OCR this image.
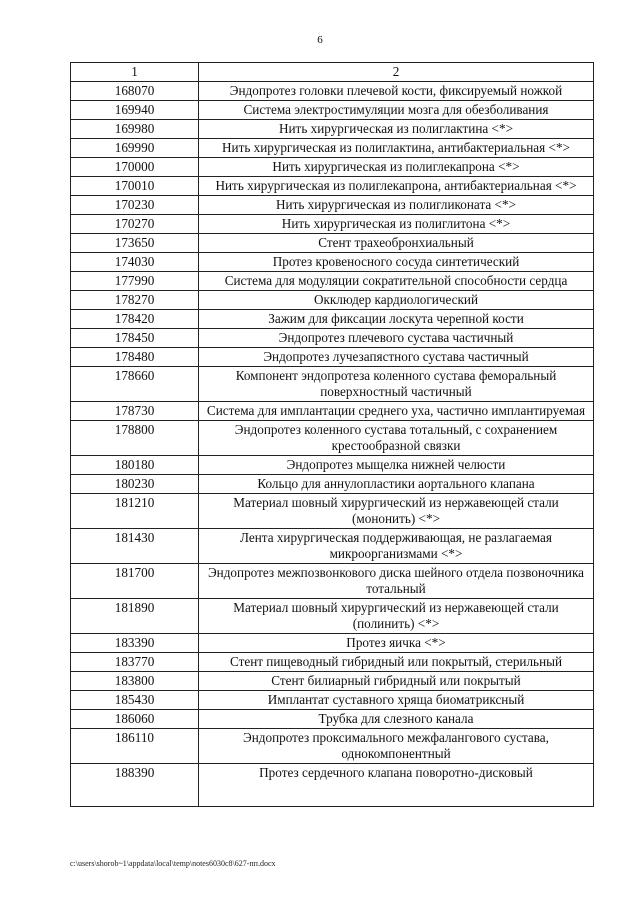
6
1	2
168070	Эндопротез головки плечевой кости, фиксируемый ножкой
169940	Система электростимуляции мозга для обезболивания
169980	Нить хирургическая из полиглактина <*>
169990	Нить хирургическая из полиглактина, антибактериальная <*>
170000	Нить хирургическая из полиглекапрона <*>
170010	Нить хирургическая из полиглекапрона, антибактериальная <*>
170230	Нить хирургическая из полигликоната <*>
170270	Нить хирургическая из полиглитона <*>
173650	Стент трахеобронхиальный
174030	Протез кровеносного сосуда синтетический
177990	Система для модуляции сократительной способности сердца
178270	Окклюдер кардиологический
178420	Зажим для фиксации лоскута черепной кости
178450	Эндопротез плечевого сустава частичный
178480	Эндопротез лучезапястного сустава частичный
178660	Компонент эндопротеза коленного сустава феморальный поверхностный частичный
178730	Система для имплантации среднего уха, частично имплантируемая
178800	Эндопротез коленного сустава тотальный, с сохранением крестообразной связки
180180	Эндопротез мыщелка нижней челюсти
180230	Кольцо для аннулопластики аортального клапана
181210	Материал шовный хирургический из нержавеющей стали (мононить) <*>
181430	Лента хирургическая поддерживающая, не разлагаемая микроорганизмами <*>
181700	Эндопротез межпозвонкового диска шейного отдела позвоночника тотальный
181890	Материал шовный хирургический из нержавеющей стали (полинить) <*>
183390	Протез яичка <*>
183770	Стент пищеводный гибридный или покрытый, стерильный
183800	Стент билиарный гибридный или покрытый
185430	Имплантат суставного хряща биоматриксный
186060	Трубка для слезного канала
186110	Эндопротез проксимального межфалангового сустава, однокомпонентный
188390	Протез сердечного клапана поворотно-дисковый
c:\users\shorob~1\appdata\local\temp\notes6030c8\627-пп.docx
